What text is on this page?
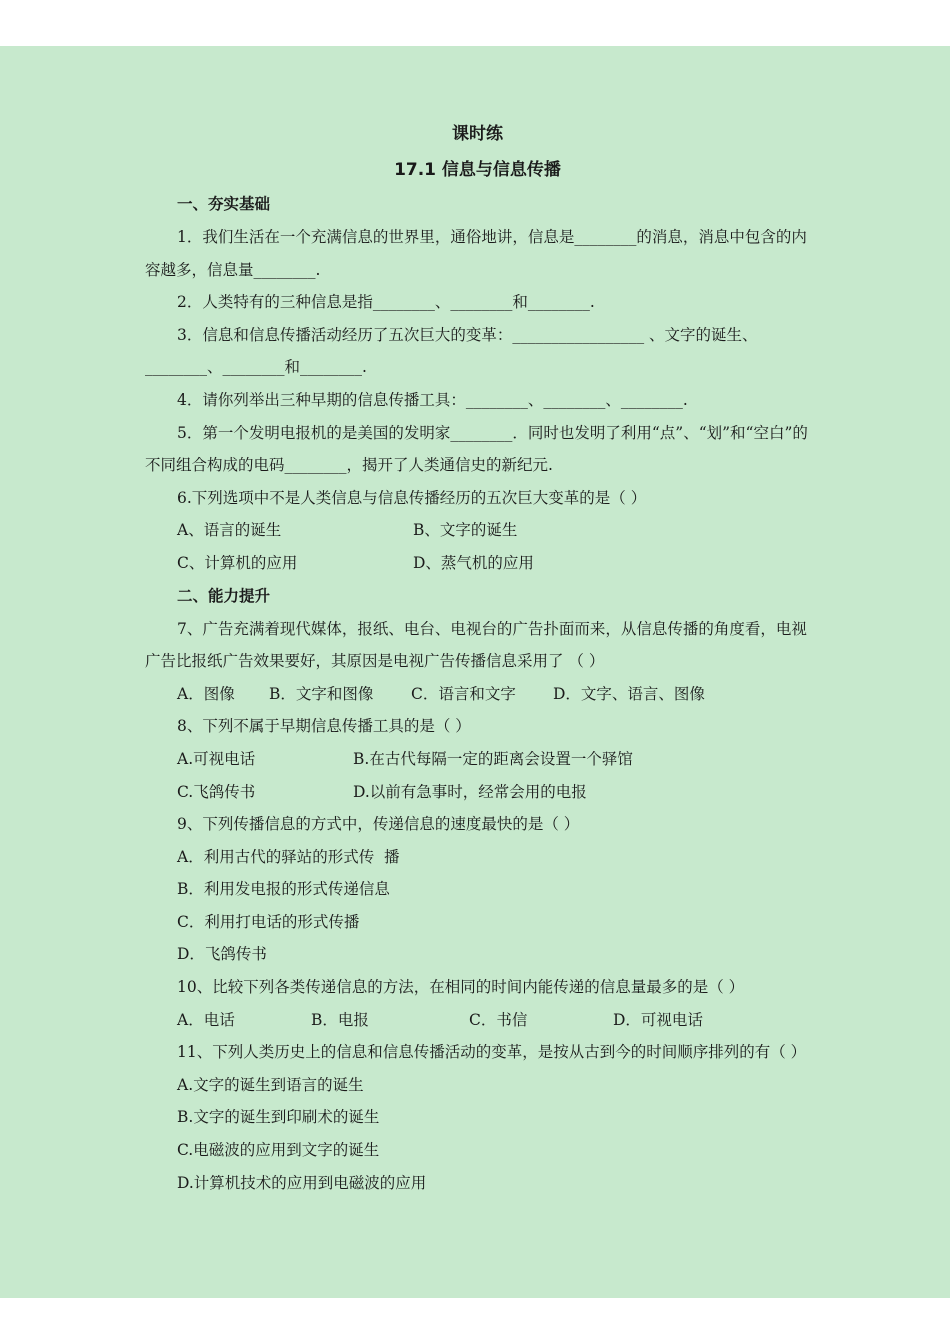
课时练
17.1 信息与信息传播
一、夯实基础
1．我们生活在一个充满信息的世界里，通俗地讲，信息是________的消息，消息中包含的内容越多，信息量________.
2．人类特有的三种信息是指________、________和________.
3．信息和信息传播活动经历了五次巨大的变革：_________________ 、文字的诞生、________、________和________.
4．请你列举出三种早期的信息传播工具：________、________、________.
5．第一个发明电报机的是美国的发明家________．同时也发明了利用“点”、“划”和“空白”的不同组合构成的电码________，揭开了人类通信史的新纪元.
6.下列选项中不是人类信息与信息传播经历的五次巨大变革的是（ ）
A、语言的诞生	B、文字的诞生
C、计算机的应用	D、蒸气机的应用
二、能力提升
7、广告充满着现代媒体，报纸、电台、电视台的广告扑面而来，从信息传播的角度看，电视广告比报纸广告效果要好，其原因是电视广告传播信息采用了 （ ）
A．图像 B．文字和图像 C．语言和文字 D．文字、语言、图像
8、下列不属于早期信息传播工具的是（ ）
A.可视电话	B.在古代每隔一定的距离会设置一个驿馆
C.飞鸽传书	D.以前有急事时，经常会用的电报
9、下列传播信息的方式中，传递信息的速度最快的是（ ）
A．利用古代的驿站的形式传  播
B．利用发电报的形式传递信息
C．利用打电话的形式传播
D．飞鸽传书
10、比较下列各类传递信息的方法，在相同的时间内能传递的信息量最多的是（ ）
A．电话	B．电报	C．书信	D．可视电话
11、下列人类历史上的信息和信息传播活动的变革，是按从古到今的时间顺序排列的有（ ）
A.文字的诞生到语言的诞生
B.文字的诞生到印刷术的诞生
C.电磁波的应用到文字的诞生
D.计算机技术的应用到电磁波的应用
